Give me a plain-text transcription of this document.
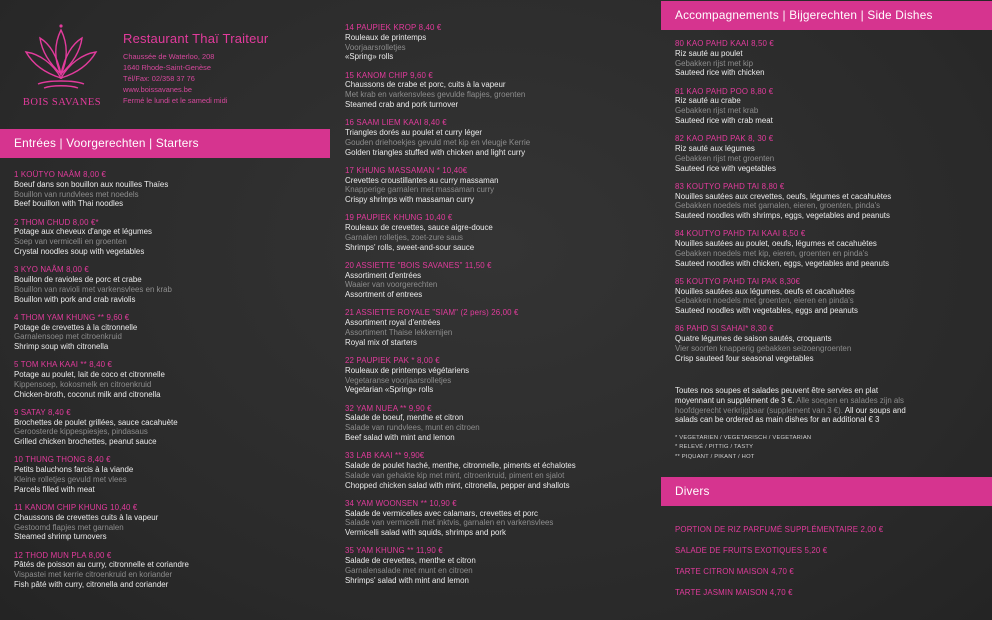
BOIS SAVANES
Restaurant Thaï Traiteur
Chaussée de Waterloo, 208
1640 Rhode-Saint-Genèse
Tél/Fax: 02/358 37 76
www.boissavanes.be
Fermé le lundi et le samedi midi
Entrées | Voorgerechten | Starters
Accompagnements | Bijgerechten | Side Dishes
Divers
1 KOÜTYO NAÂM 8,00 €
Boeuf dans son bouillon aux nouilles Thaïes
Bouillon van rundvlees met noedels
Beef bouillon with Thai noodles
2 THOM CHUD 8,00 €*
Potage aux cheveux d'ange et légumes
Soep van vermicelli en groenten
Crystal noodles soup with vegetables
3 KYO NAÂM 8,00 €
Bouillon de ravioles de porc et crabe
Bouillon van ravioli met varkensvlees en krab
Bouillon with pork and crab raviolis
4 THOM YAM KHUNG ** 9,60 €
Potage de crevettes à la citronnelle
Garnalensoep met citroenkruid
Shrimp soup with citronella
5 TOM KHA KAAI ** 8,40 €
Potage au poulet, lait de coco et citronnelle
Kippensoep, kokosmelk en citroenkruid
Chicken-broth, coconut milk and citronella
9 SATAY 8,40 €
Brochettes de poulet grillées, sauce cacahuète
Geroosterde kippespiesjes, pindasaus
Grilled chicken brochettes, peanut sauce
10 THUNG THONG 8,40 €
Petits baluchons farcis à la viande
Kleine rolletjes gevuld met vlees
Parcels filled with meat
11 KANOM CHIP KHUNG 10,40 €
Chaussons de crevettes cuits à la vapeur
Gestoomd flapjes met garnalen
Steamed shrimp turnovers
12 THOD MUN PLA 8,00 €
Pâtés de poisson au curry, citronnelle et coriandre
Vispastei met kerrie citroenkruid en koriander
Fish pâté with curry, citronella and coriander
14 PAUPIEK KROP 8,40 €
Rouleaux de printemps
Voorjaarsrolletjes
«Spring» rolls
15 KANOM CHIP 9,60 €
Chaussons de crabe et porc, cuits à la vapeur
Met krab en varkensvlees gevulde flapjes, groenten
Steamed crab and pork turnover
16 SAAM LIEM KAAI 8,40 €
Triangles dorés au poulet et curry léger
Gouden driehoekjes gevuld met kip en vleugje Kerrie
Golden triangles stuffed with chicken and light curry
17 KHUNG MASSAMAN * 10,40€
Crevettes croustillantes au curry massaman
Knapperige garnalen met massaman curry
Crispy shrimps with massaman curry
19 PAUPIEK KHUNG 10,40 €
Rouleaux de crevettes, sauce aigre-douce
Garnalen rolletjes, zoet-zure saus
Shrimps' rolls, sweet-and-sour sauce
20 ASSIETTE "BOIS SAVANES" 11,50 €
Assortiment d'entrées
Waaier van voorgerechten
Assortment of entrees
21 ASSIETTE ROYALE "SIAM" (2 pers) 26,00 €
Assortiment royal d'entrées
Assortiment Thaise lekkernijen
Royal mix of starters
22 PAUPIEK PAK * 8,00 €
Rouleaux de printemps végétariens
Vegetaranse voorjaarsrolletjes
Vegetarian «Spring» rolls
32 YAM NUEA ** 9,90 €
Salade de boeuf, menthe et citron
Salade van rundvlees, munt en citroen
Beef salad with mint and lemon
33 LAB KAAI ** 9,90€
Salade de poulet haché, menthe, citronnelle, piments et échalotes
Salade van gehakte kip met mint, citroenkruid, piment en sjalot
Chopped chicken salad with mint, citronella, pepper and shallots
34 YAM WOONSEN ** 10,90 €
Salade de vermicelles avec calamars, crevettes et porc
Salade van vermicelli met inktvis, garnalen en varkensvlees
Vermicelli salad with squids, shrimps and pork
35 YAM KHUNG ** 11,90 €
Salade de crevettes, menthe et citron
Garnalensalade met munt en citroen
Shrimps' salad with mint and lemon
80 KAO PAHD KAAI 8,50 €
Riz sauté au poulet
Gebakken rijst met kip
Sauteed rice with chicken
81 KAO PAHD POO 8,80 €
Riz sauté au crabe
Gebakken rijst met krab
Sauteed rice with crab meat
82 KAO PAHD PAK 8, 30 €
Riz sauté aux légumes
Gebakken rijst met groenten
Sauteed rice with vegetables
83 KOUTYO PAHD TAI 8,80 €
Nouilles sautées aux crevettes, oeufs, légumes et cacahuètes
Gebakken noedels met garnalen, eieren, groenten, pinda's
Sauteed noodles with shrimps, eggs, vegetables and peanuts
84 KOUTYO PAHD TAI KAAI 8,50 €
Nouilles sautées au poulet, oeufs, légumes et cacahuètes
Gebakken noedels met kip, eieren, groenten en pinda's
Sauteed noodles with chicken, eggs, vegetables and peanuts
85 KOUTYO PAHD TAI PAK 8,30€
Nouilles sautées aux légumes, oeufs et cacahuètes
Gebakken noedels met groenten, eieren en pinda's
Sauteed noodles with vegetables, eggs and peanuts
86 PAHD SI SAHAI* 8,30 €
Quatre légumes de saison sautés, croquants
Vier soorten knapperig gebakken seizoengroenten
Crisp sauteed four seasonal vegetables
Toutes nos soupes et salades peuvent être servies en plat moyennant un supplément de 3 €. Alle soepen en salades zijn als hoofdgerecht verkrijgbaar (supplement van 3 €). All our soups and salads can be ordered as main dishes for an additional € 3
* VEGETARIEN / VEGETARISCH / VEGETARIAN
* RELEVÉ / PITTIG / TASTY
** PIQUANT / PIKANT / HOT
PORTION DE RIZ PARFUMÉ SUPPLÉMENTAIRE 2,00 €
SALADE DE FRUITS EXOTIQUES 5,20 €
TARTE CITRON MAISON 4,70 €
TARTE JASMIN MAISON 4,70 €
